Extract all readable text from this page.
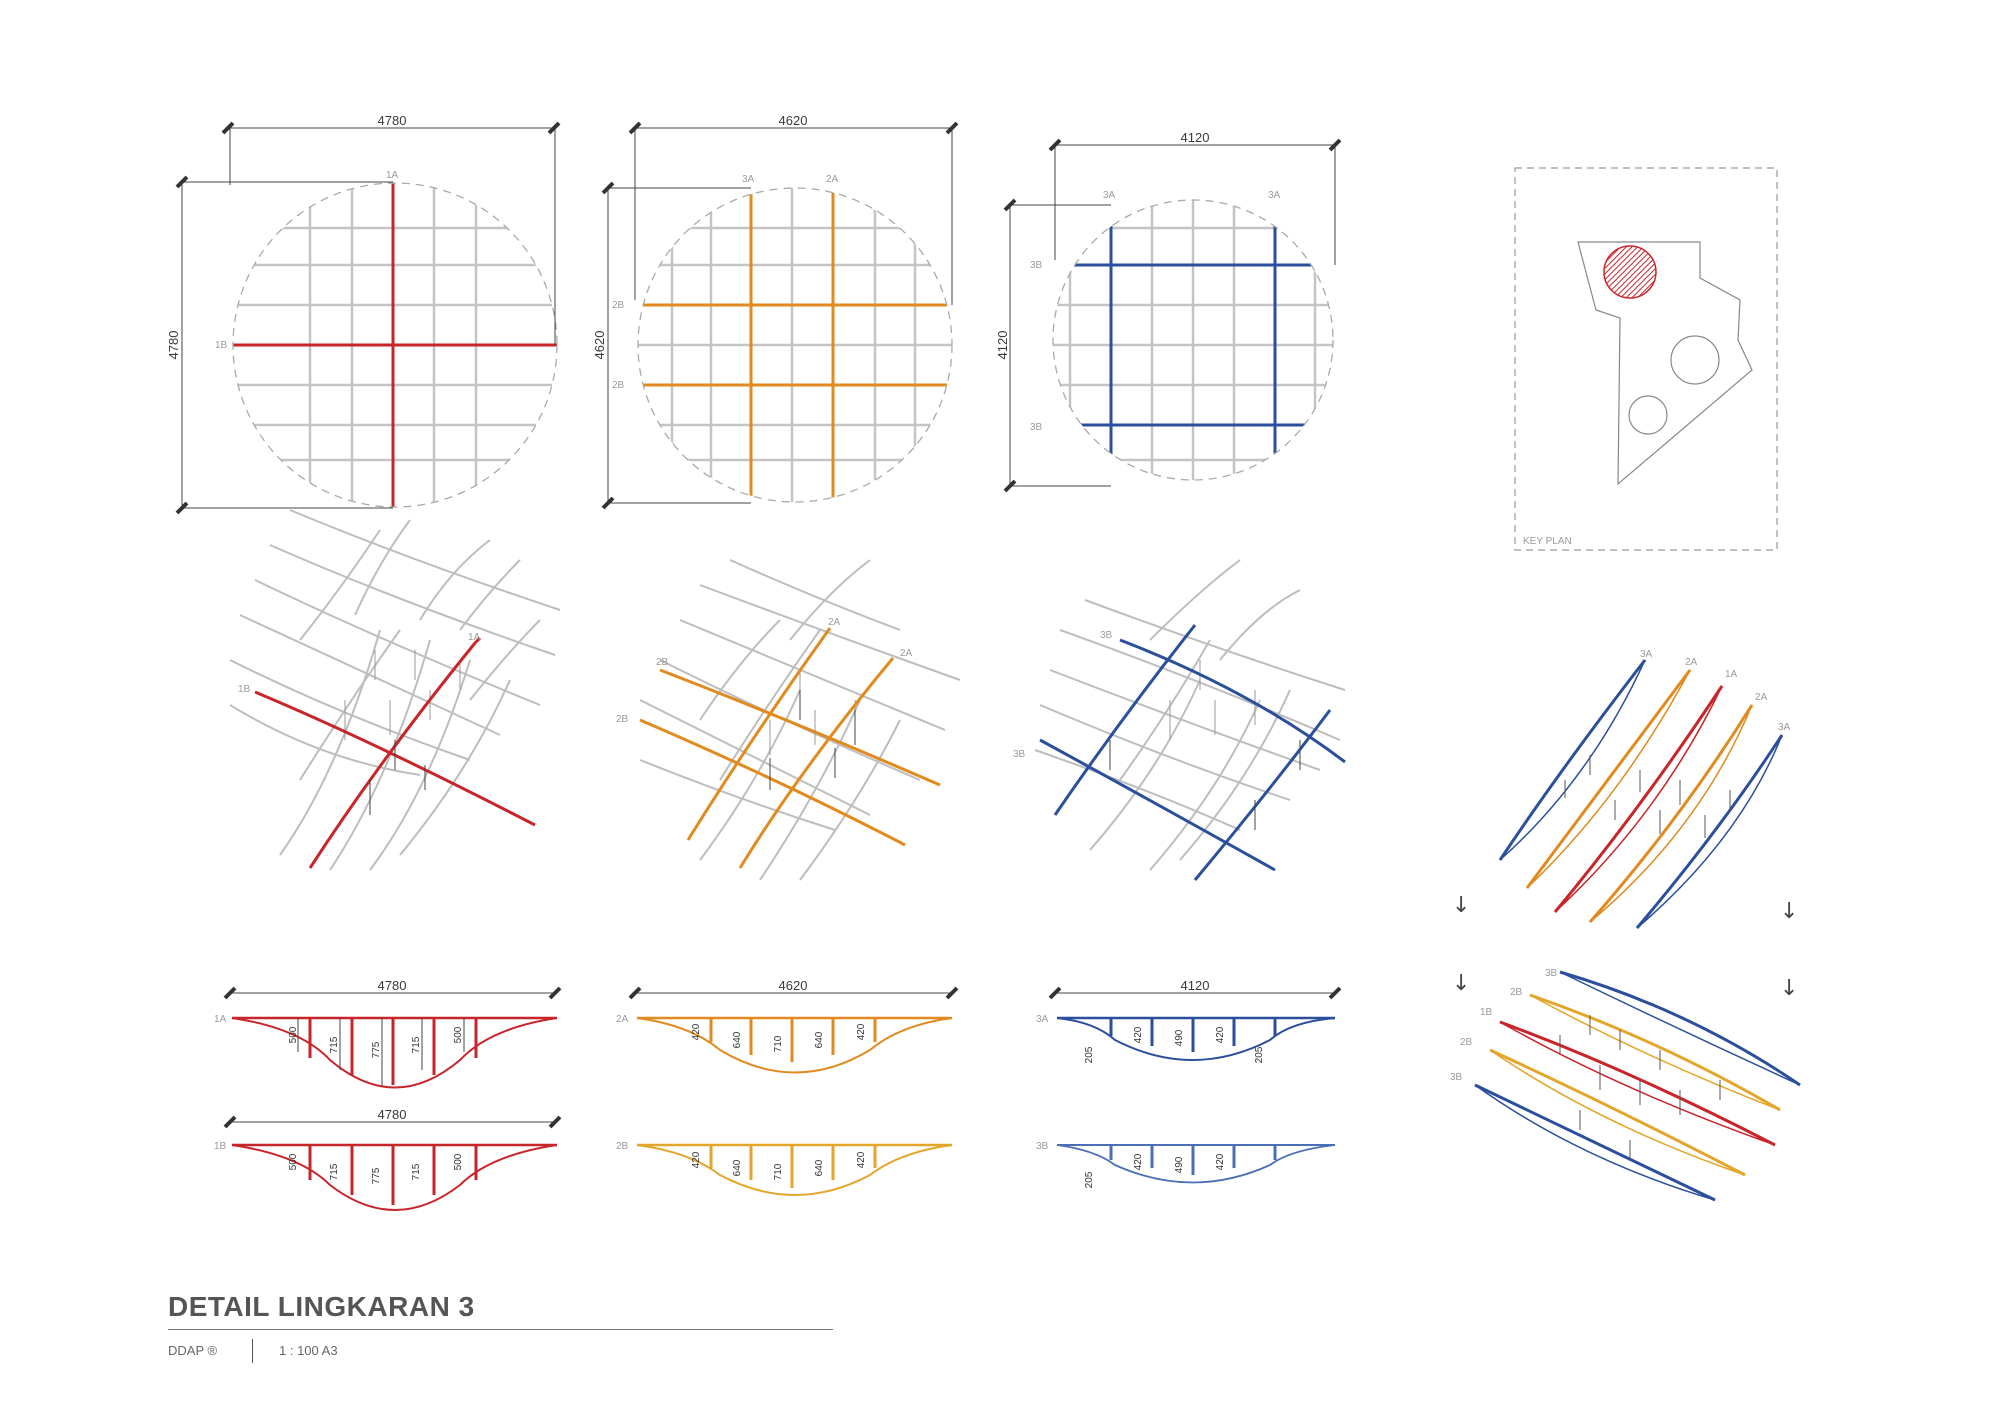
4780
4780
1A
1B
4620
4620
3A	2A
2B
2B
4120
4120
3A	3A
3B
3B
KEY PLAN
1A
1B
2A
2A
2B
2B
3B
3B
3A
2A
1A
2A
3A
↓	↓
↓	↓
3B
2B
1B
2B
3B
4780
1A
500
715	775	715
500
4620
2A
420	640	710	640	420
4120
3A
205
420	490	420
205
4780
1B
500
715	775	715
500
2B
420	640	710	640	420
3B
205
420	490	420
DETAIL LINGKARAN 3
DDAP ®	1 : 100 A3
